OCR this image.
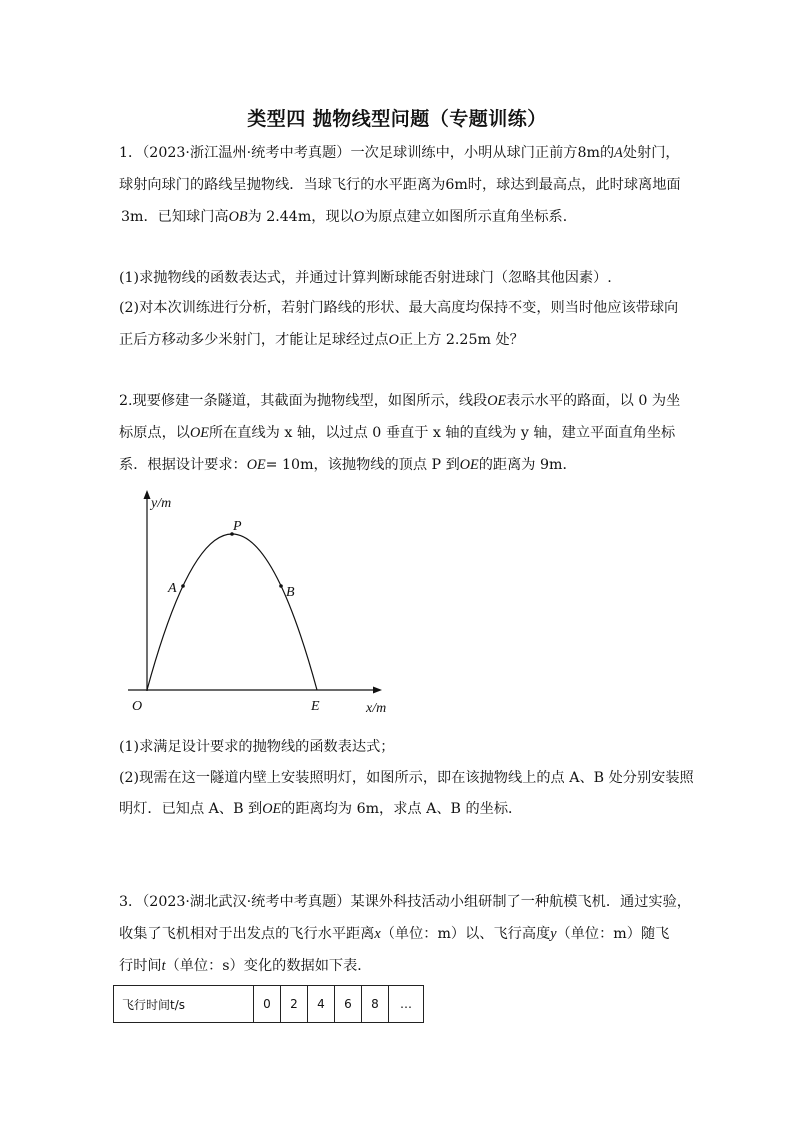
类型四 抛物线型问题（专题训练）
1．（2023·浙江温州·统考中考真题）一次足球训练中，小明从球门正前方8m的A处射门，
球射向球门的路线呈抛物线．当球飞行的水平距离为6m时，球达到最高点，此时球离地面
3m．已知球门高OB为 2.44m，现以O为原点建立如图所示直角坐标系．
(1)求抛物线的函数表达式，并通过计算判断球能否射进球门（忽略其他因素）.
(2)对本次训练进行分析，若射门路线的形状、最大高度均保持不变，则当时他应该带球向
正后方移动多少米射门，才能让足球经过点O正上方 2.25m 处？
2.现要修建一条隧道，其截面为抛物线型，如图所示，线段OE表示水平的路面，以 0 为坐
标原点，以OE所在直线为 x 轴，以过点 0 垂直于 x 轴的直线为 y 轴，建立平面直角坐标
系．根据设计要求：OE= 10m，该抛物线的顶点 P 到OE的距离为 9m．
y/m
x/m
O
P
A	B
E
(1)求满足设计要求的抛物线的函数表达式；
(2)现需在这一隧道内壁上安装照明灯，如图所示，即在该抛物线上的点 A、B 处分别安装照
明灯．已知点 A、B 到OE的距离均为 6m，求点 A、B 的坐标．
3．（2023·湖北武汉·统考中考真题）某课外科技活动小组研制了一种航模飞机．通过实验，
收集了飞机相对于出发点的飞行水平距离x（单位：m）以、飞行高度y（单位：m）随飞
行时间t（单位：s）变化的数据如下表．
飞行时间t/s	0	2	4	6	8	…
